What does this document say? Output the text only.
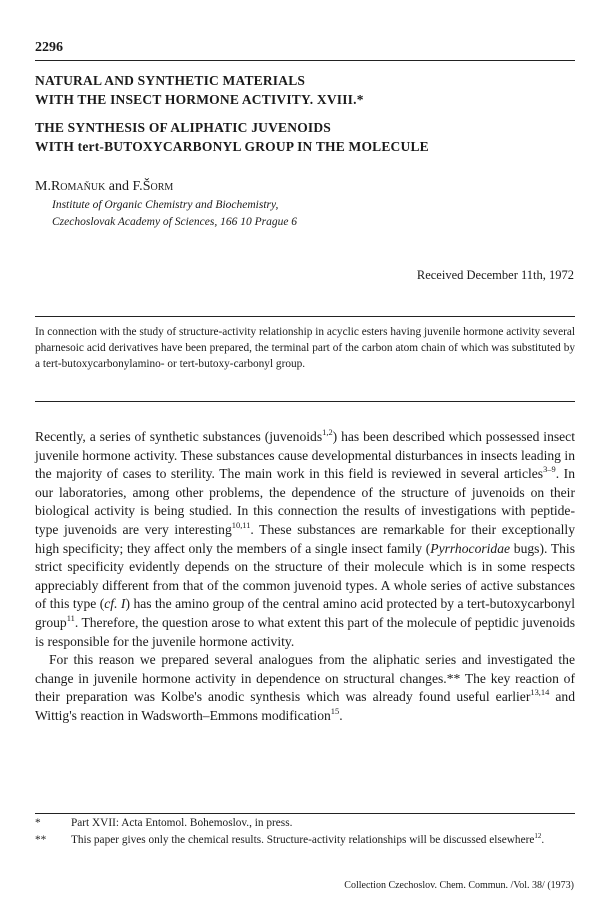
2296
NATURAL AND SYNTHETIC MATERIALS
WITH THE INSECT HORMONE ACTIVITY. XVIII.*
THE SYNTHESIS OF ALIPHATIC JUVENOIDS
WITH tert-BUTOXYCARBONYL GROUP IN THE MOLECULE
M.Romaňuk and F.Šorm
Institute of Organic Chemistry and Biochemistry,
Czechoslovak Academy of Sciences, 166 10 Prague 6
Received December 11th, 1972
In connection with the study of structure-activity relationship in acyclic esters having juvenile hormone activity several pharnesoic acid derivatives have been prepared, the terminal part of the carbon atom chain of which was substituted by a tert-butoxycarbonylamino- or tert-butoxy-carbonyl group.

Recently, a series of synthetic substances (juvenoids$^{1,2}$) has been described which possessed insect juvenile hormone activity. These substances cause developmental disturbances in insects leading in the majority of cases to sterility. The main work in this field is reviewed in several articles$^{3-9}$. In our laboratories, among other problems, the dependence of the structure of juvenoids on their biological activity is being studied. In this connection the results of investigations with peptide-type juvenoids are very interesting$^{10,11}$. These substances are remarkable for their exceptionally high specificity; they affect only the members of a single insect family (Pyrrhocoridae bugs). This strict specificity evidently depends on the structure of their molecule which is in some respects appreciably different from that of the common juvenoid types. A whole series of active substances of this type (cf. I) has the amino group of the central amino acid protected by a tert-butoxycarbonyl group$^{11}$. Therefore, the question arose to what extent this part of the molecule of peptidic juvenoids is responsible for the juvenile hormone activity.

For this reason we prepared several analogues from the aliphatic series and investigated the change in juvenile hormone activity in dependence on structural changes.** The key reaction of their preparation was Kolbe's anodic synthesis which was already found useful earlier$^{13,14}$ and Wittig's reaction in Wadsworth–Emmons modification$^{15}$.

*	Part XVII: Acta Entomol. Bohemoslov., in press.
** This paper gives only the chemical results. Structure-activity relationships will be discussed elsewhere$^{12}$.
Collection Czechoslov. Chem. Commun. /Vol. 38/ (1973)
